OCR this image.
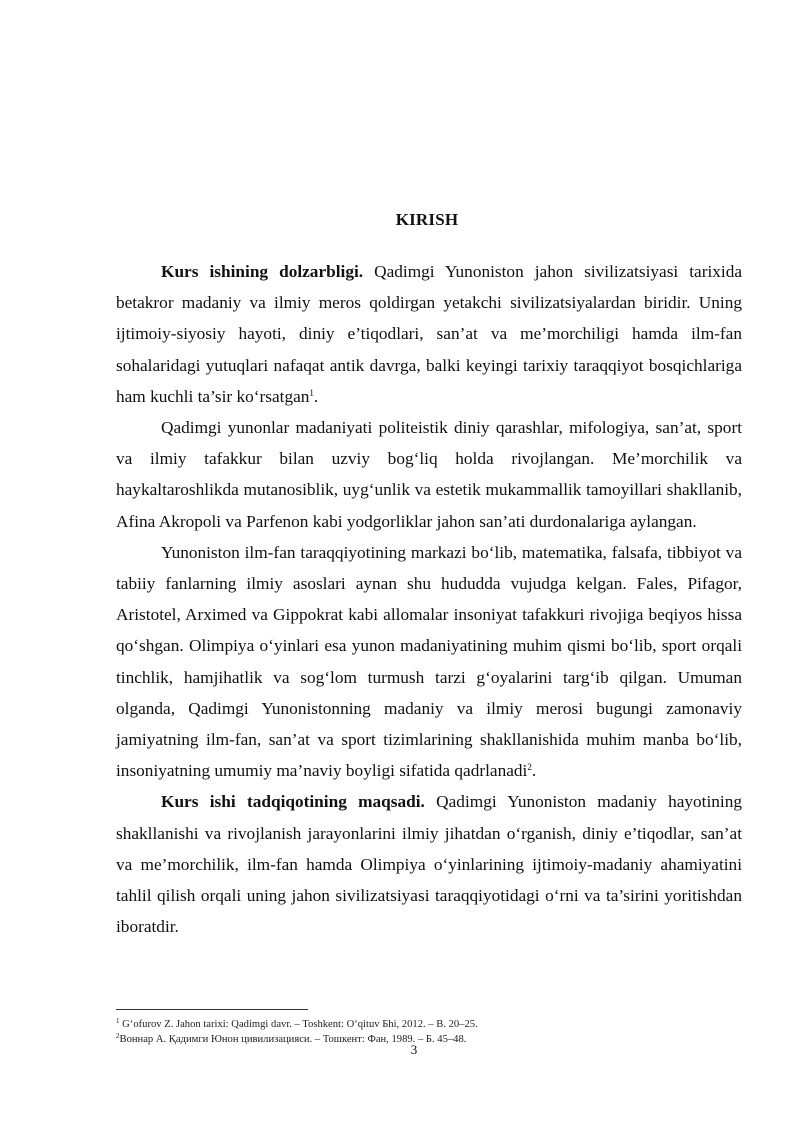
KIRISH

Kurs ishining dolzarbligi. Qadimgi Yunoniston jahon sivilizatsiyasi tarixida betakror madaniy va ilmiy meros qoldirgan yetakchi sivilizatsiyalardan biridir. Uning ijtimoiy-siyosiy hayoti, diniy e’tiqodlari, san’at va me’morchiligi hamda ilm-fan sohalaridagi yutuqlari nafaqat antik davrga, balki keyingi tarixiy taraqqiyot bosqichlariga ham kuchli ta’sir ko‘rsatgan$^1$.

Qadimgi yunonlar madaniyati politeistik diniy qarashlar, mifologiya, san’at, sport va ilmiy tafakkur bilan uzviy bog‘liq holda rivojlangan. Me’morchilik va haykaltaroshlikda mutanosiblik, uyg‘unlik va estetik mukammallik tamoyillari shakllanib, Afina Akropoli va Parfenon kabi yodgorliklar jahon san’ati durdonalariga aylangan.

Yunoniston ilm-fan taraqqiyotining markazi bo‘lib, matematika, falsafa, tibbiyot va tabiiy fanlarning ilmiy asoslari aynan shu hududda vujudga kelgan. Fales, Pifagor, Aristotel, Arximed va Gippokrat kabi allomalar insoniyat tafakkuri rivojiga beqiyos hissa qo‘shgan. Olimpiya o‘yinlari esa yunon madaniyatining muhim qismi bo‘lib, sport orqali tinchlik, hamjihatlik va sog‘lom turmush tarzi g‘oyalarini targ‘ib qilgan. Umuman olganda, Qadimgi Yunonistonning madaniy va ilmiy merosi bugungi zamonaviy jamiyatning ilm-fan, san’at va sport tizimlarining shakllanishida muhim manba bo‘lib, insoniyatning umumiy ma’naviy boyligi sifatida qadrlanadi$^2$.

Kurs ishi tadqiqotining maqsadi. Qadimgi Yunoniston madaniy hayotining shakllanishi va rivojlanish jarayonlarini ilmiy jihatdan o‘rganish, diniy e’tiqodlar, san’at va me’morchilik, ilm-fan hamda Olimpiya o‘yinlarining ijtimoiy-madaniy ahamiyatini tahlil qilish orqali uning jahon sivilizatsiyasi taraqqiyotidagi o‘rni va ta’sirini yoritishdan iboratdir.

$^1$ G‘ofurov Z. Jahon tarixi: Qadimgi davr. – Toshkent: O‘qituv Бhi, 2012. – B. 20–25.
$^2$Воннар А. Қадимги Юнон цивилизацияси. – Тошкент: Фан, 1989. – Б. 45–48.
3
